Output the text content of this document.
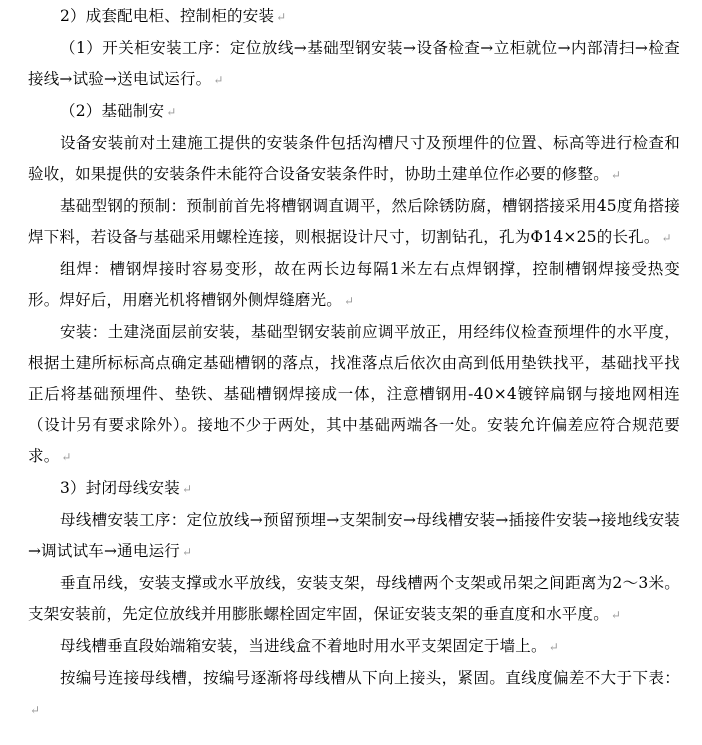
2）成套配电柜、控制柜的安装 ↵

（1）开关柜安装工序：定位放线→基础型钢安装→设备检查→立柜就位→内部清扫→检查接线→试验→送电试运行。 ↵

（2）基础制安 ↵

设备安装前对土建施工提供的安装条件包括沟槽尺寸及预埋件的位置、标高等进行检查和验收，如果提供的安装条件未能符合设备安装条件时，协助土建单位作必要的修整。 ↵

基础型钢的预制：预制前首先将槽钢调直调平，然后除锈防腐，槽钢搭接采用45度角搭接焊下料，若设备与基础采用螺栓连接，则根据设计尺寸，切割钻孔，孔为Φ14×25的长孔。 ↵

组焊：槽钢焊接时容易变形，故在两长边每隔1米左右点焊钢撑，控制槽钢焊接受热变形。焊好后，用磨光机将槽钢外侧焊缝磨光。 ↵

安装：土建浇面层前安装，基础型钢安装前应调平放正，用经纬仪检查预埋件的水平度，根据土建所标标高点确定基础槽钢的落点，找准落点后依次由高到低用垫铁找平，基础找平找正后将基础预埋件、垫铁、基础槽钢焊接成一体，注意槽钢用-40×4镀锌扁钢与接地网相连（设计另有要求除外）。接地不少于两处，其中基础两端各一处。安装允许偏差应符合规范要求。 ↵

3）封闭母线安装 ↵

母线槽安装工序：定位放线→预留预埋→支架制安→母线槽安装→插接件安装→接地线安装→调试试车→通电运行 ↵

垂直吊线，安装支撑或水平放线，安装支架，母线槽两个支架或吊架之间距离为2～3米。支架安装前，先定位放线并用膨胀螺栓固定牢固，保证安装支架的垂直度和水平度。 ↵

母线槽垂直段始端箱安装，当进线盒不着地时用水平支架固定于墙上。 ↵

按编号连接母线槽，按编号逐渐将母线槽从下向上接头，紧固。直线度偏差不大于下表：↵
